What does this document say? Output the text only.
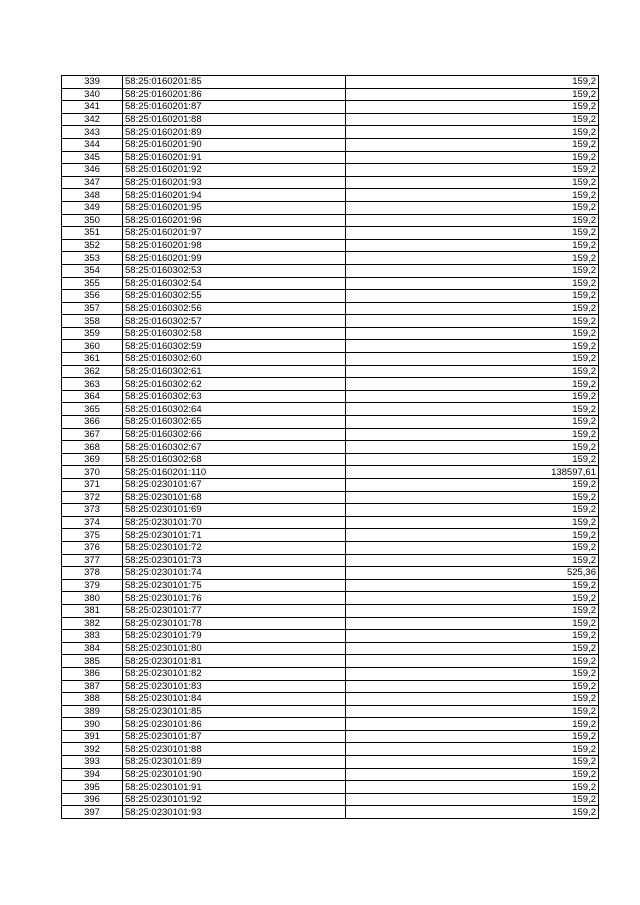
339	58:25:0160201:85	159,2
340	58:25:0160201:86	159,2
341	58:25:0160201:87	159,2
342	58:25:0160201:88	159,2
343	58:25:0160201:89	159,2
344	58:25:0160201:90	159,2
345	58:25:0160201:91	159,2
346	58:25:0160201:92	159,2
347	58:25:0160201:93	159,2
348	58:25:0160201:94	159,2
349	58:25:0160201:95	159,2
350	58:25:0160201:96	159,2
351	58:25:0160201:97	159,2
352	58:25:0160201:98	159,2
353	58:25:0160201:99	159,2
354	58:25:0160302:53	159,2
355	58:25:0160302:54	159,2
356	58:25:0160302:55	159,2
357	58:25:0160302:56	159,2
358	58:25:0160302:57	159,2
359	58:25:0160302:58	159,2
360	58:25:0160302:59	159,2
361	58:25:0160302:60	159,2
362	58:25:0160302:61	159,2
363	58:25:0160302:62	159,2
364	58:25:0160302:63	159,2
365	58:25:0160302:64	159,2
366	58:25:0160302:65	159,2
367	58:25:0160302:66	159,2
368	58:25:0160302:67	159,2
369	58:25:0160302:68	159,2
370	58:25:0160201:110	138597,61
371	58:25:0230101:67	159,2
372	58:25:0230101:68	159,2
373	58:25:0230101:69	159,2
374	58:25:0230101:70	159,2
375	58:25:0230101:71	159,2
376	58:25:0230101:72	159,2
377	58:25:0230101:73	159,2
378	58:25:0230101:74	525,36
379	58:25:0230101:75	159,2
380	58:25:0230101:76	159,2
381	58:25:0230101:77	159,2
382	58:25:0230101:78	159,2
383	58:25:0230101:79	159,2
384	58:25:0230101:80	159,2
385	58:25:0230101:81	159,2
386	58:25:0230101:82	159,2
387	58:25:0230101:83	159,2
388	58:25:0230101:84	159,2
389	58:25:0230101:85	159,2
390	58:25:0230101:86	159,2
391	58:25:0230101:87	159,2
392	58:25:0230101:88	159,2
393	58:25:0230101:89	159,2
394	58:25:0230101:90	159,2
395	58:25:0230101:91	159,2
396	58:25:0230101:92	159,2
397	58:25:0230101:93	159,2
